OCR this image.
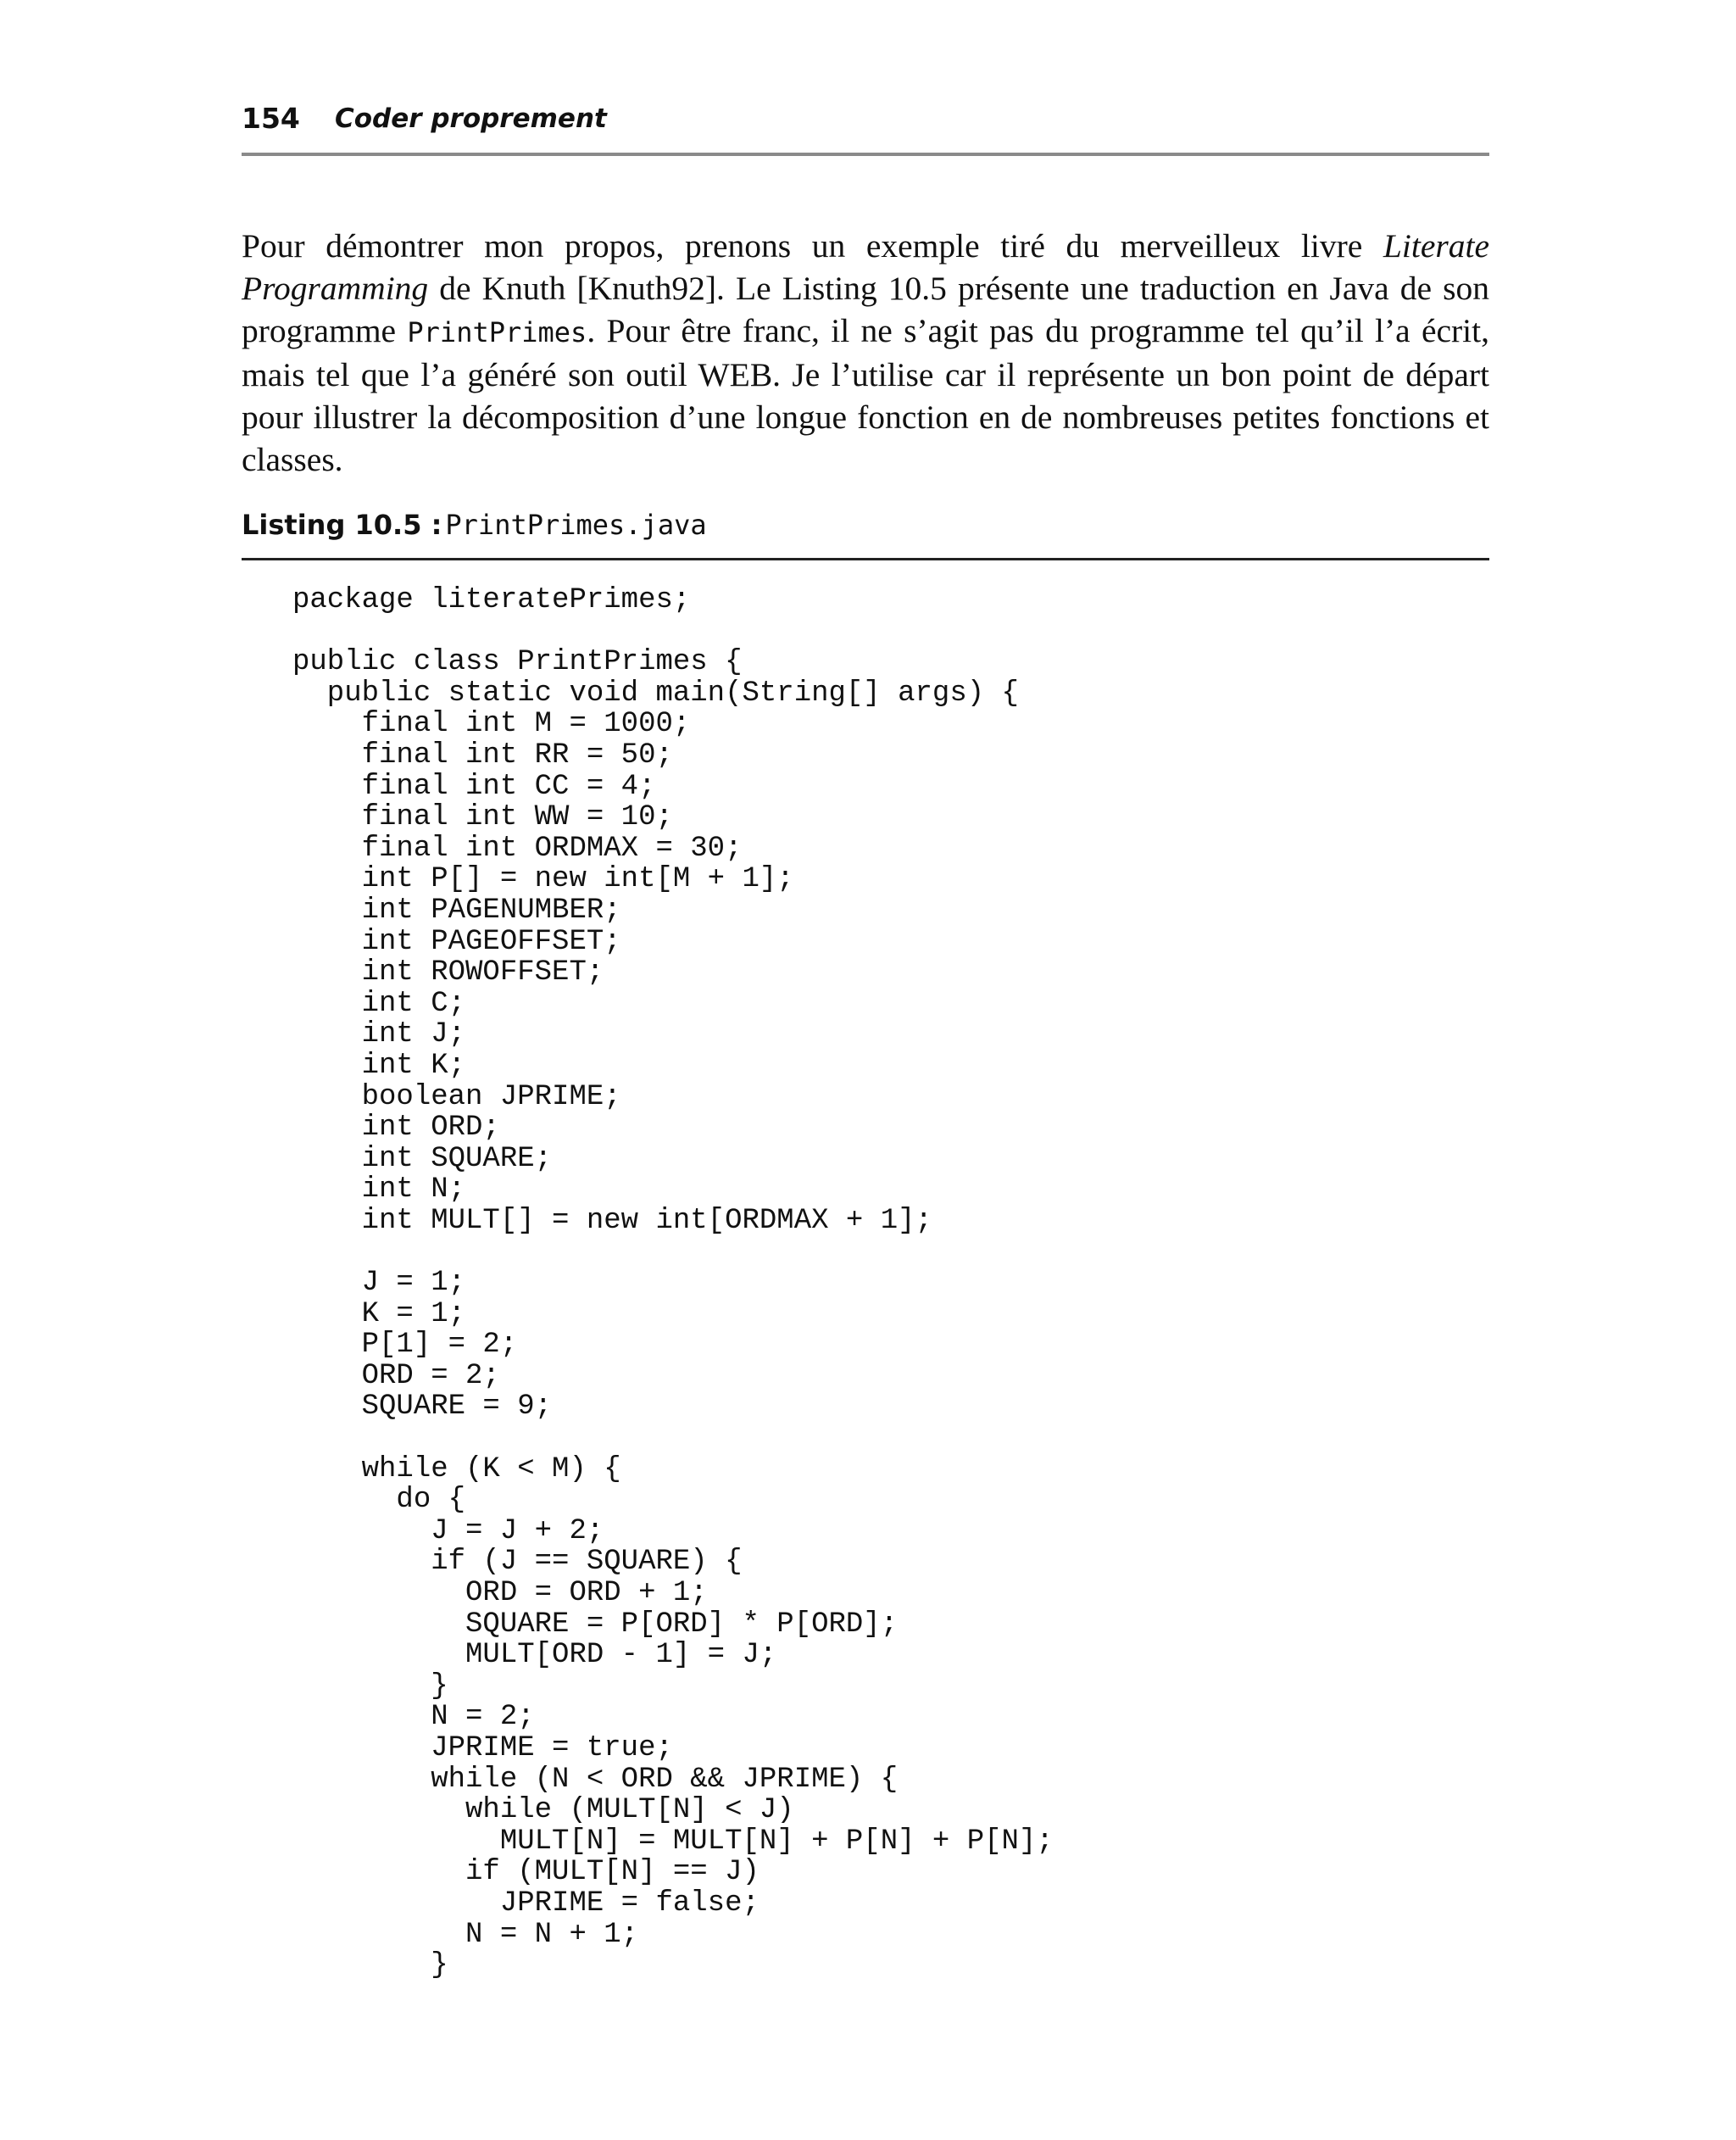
154 Coder proprement

Pour démontrer mon propos, prenons un exemple tiré du merveilleux livre Literate Programming de Knuth [Knuth92]. Le Listing 10.5 présente une traduction en Java de son programme PrintPrimes. Pour être franc, il ne s’agit pas du programme tel qu’il l’a écrit, mais tel que l’a généré son outil WEB. Je l’utilise car il représente un bon point de départ pour illustrer la décomposition d’une longue fonction en de nombreuses petites fonctions et classes.

Listing 10.5 : PrintPrimes.java
package literatePrimes;

public class PrintPrimes {
public static void main(String[] args) {
final int M = 1000;
final int RR = 50;
final int CC = 4;
final int WW = 10;
final int ORDMAX = 30;
int P[] = new int[M + 1];
int PAGENUMBER;
int PAGEOFFSET;
int ROWOFFSET;
int C;
int J;
int K;
boolean JPRIME;
int ORD;
int SQUARE;
int N;
int MULT[] = new int[ORDMAX + 1];

J = 1;
K = 1;
P[1] = 2;
ORD = 2;
SQUARE = 9;

while (K < M) {
do {
J = J + 2;
if (J == SQUARE) {
ORD = ORD + 1;
SQUARE = P[ORD] * P[ORD];
MULT[ORD - 1] = J;
}
N = 2;
JPRIME = true;
while (N < ORD && JPRIME) {
while (MULT[N] < J)
MULT[N] = MULT[N] + P[N] + P[N];
if (MULT[N] == J)
JPRIME = false;
N = N + 1;
}
